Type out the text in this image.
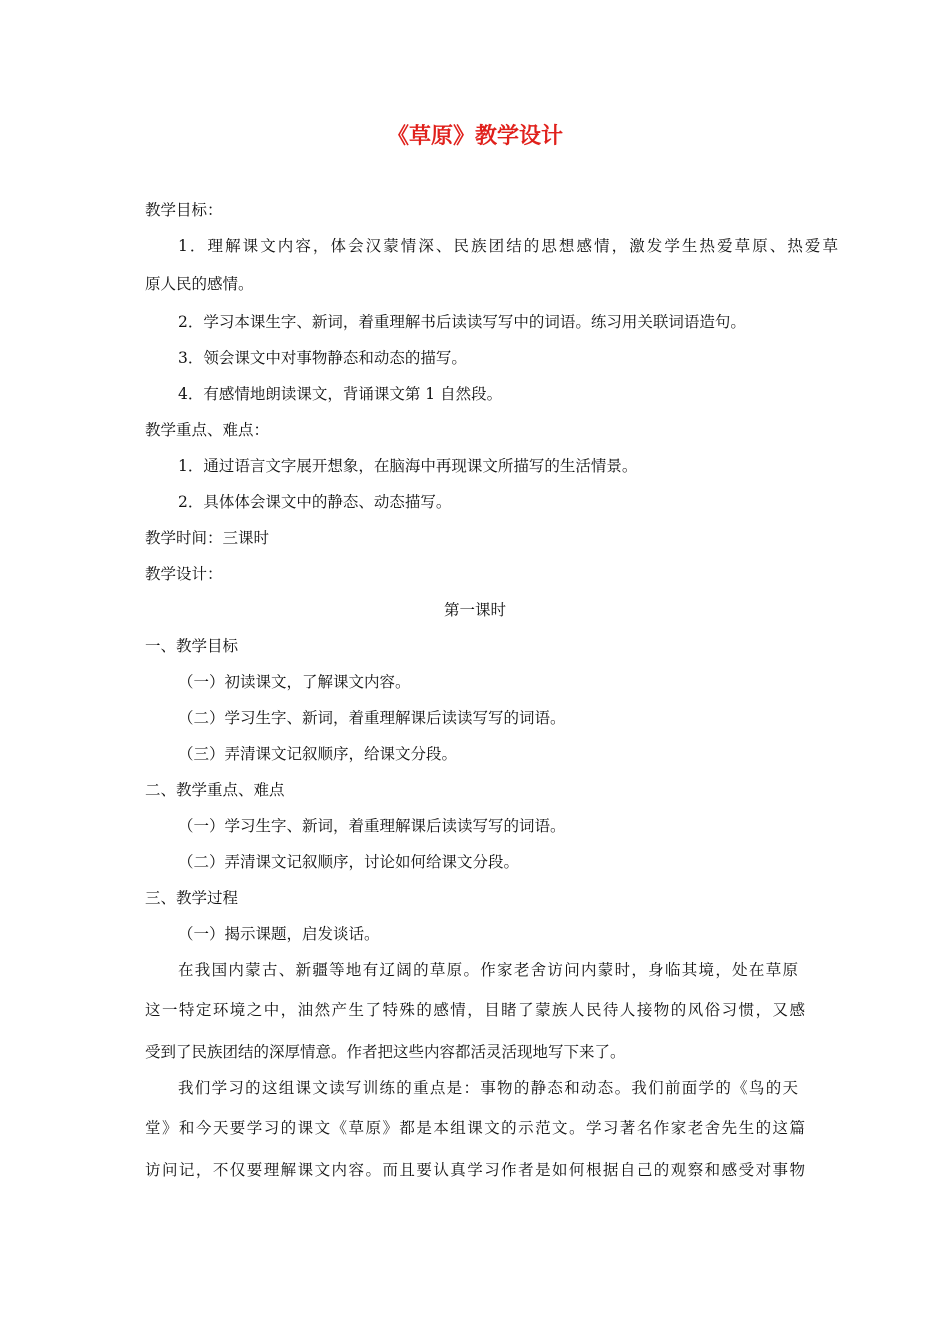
《草原》教学设计
教学目标：
1．理解课文内容，体会汉蒙情深、民族团结的思想感情，激发学生热爱草原、热爱草
原人民的感情。
2．学习本课生字、新词，着重理解书后读读写写中的词语。练习用关联词语造句。
3．领会课文中对事物静态和动态的描写。
4．有感情地朗读课文，背诵课文第 1 自然段。
教学重点、难点：
1．通过语言文字展开想象，在脑海中再现课文所描写的生活情景。
2．具体体会课文中的静态、动态描写。
教学时间：三课时
教学设计：
第一课时
一、教学目标
（一）初读课文，了解课文内容。
（二）学习生字、新词，着重理解课后读读写写的词语。
（三）弄清课文记叙顺序，给课文分段。
二、教学重点、难点
（一）学习生字、新词，着重理解课后读读写写的词语。
（二）弄清课文记叙顺序，讨论如何给课文分段。
三、教学过程
（一）揭示课题，启发谈话。
在我国内蒙古、新疆等地有辽阔的草原。作家老舍访问内蒙时，身临其境，处在草原
这一特定环境之中，油然产生了特殊的感情，目睹了蒙族人民待人接物的风俗习惯，又感
受到了民族团结的深厚情意。作者把这些内容都活灵活现地写下来了。
我们学习的这组课文读写训练的重点是：事物的静态和动态。我们前面学的《鸟的天
堂》和今天要学习的课文《草原》都是本组课文的示范文。学习著名作家老舍先生的这篇
访问记，不仅要理解课文内容。而且要认真学习作者是如何根据自己的观察和感受对事物
